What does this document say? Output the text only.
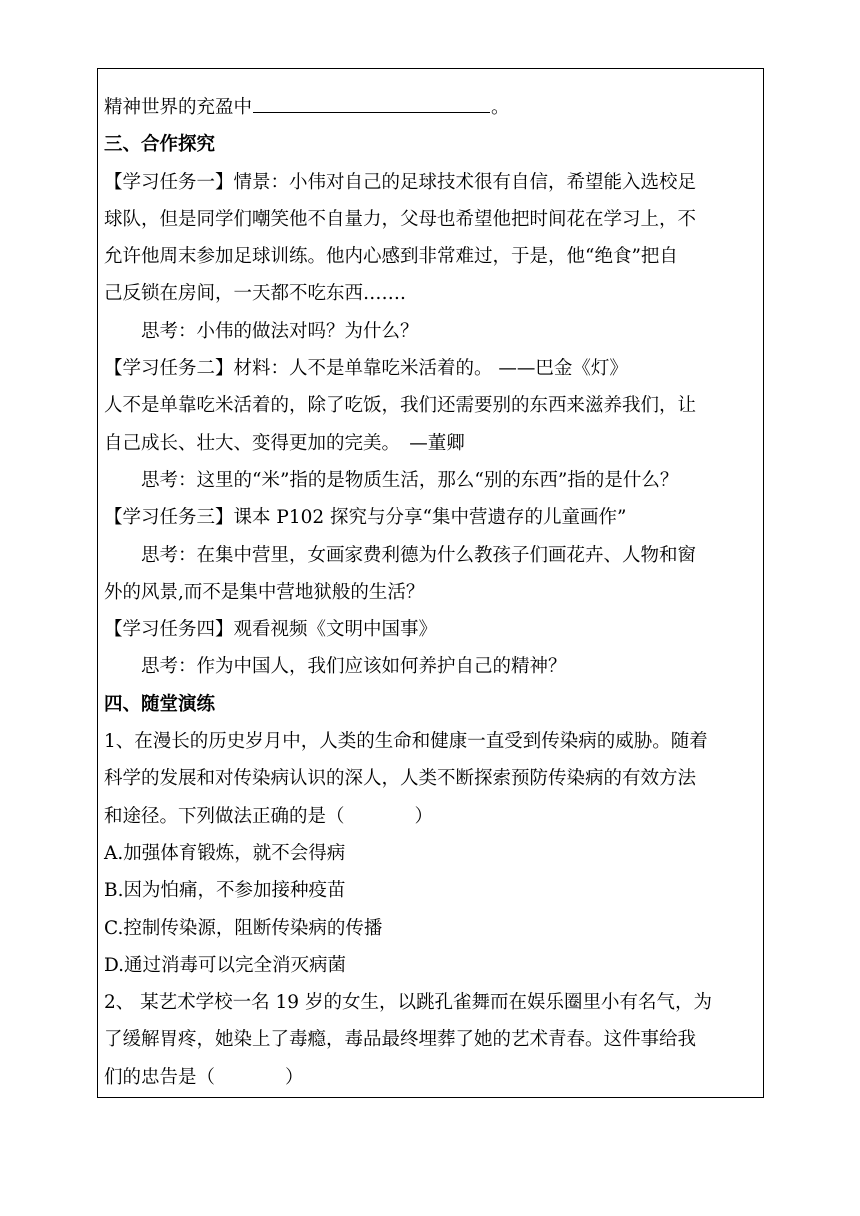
精神世界的充盈中	。
三、合作探究
【学习任务一】情景：小伟对自己的足球技术很有自信，希望能入选校足
球队，但是同学们嘲笑他不自量力，父母也希望他把时间花在学习上，不
允许他周末参加足球训练。他内心感到非常难过，于是，他“绝食”把自
己反锁在房间，一天都不吃东西…….
思考：小伟的做法对吗？为什么？
【学习任务二】材料：人不是单靠吃米活着的。 ——巴金《灯》
人不是单靠吃米活着的，除了吃饭，我们还需要别的东西来滋养我们，让
自己成长、壮大、变得更加的完美。　—董卿
思考：这里的“米”指的是物质生活，那么“别的东西”指的是什么？
【学习任务三】课本 P102 探究与分享“集中营遗存的儿童画作”
思考：在集中营里，女画家费利德为什么教孩子们画花卉、人物和窗
外的风景,而不是集中营地狱般的生活？
【学习任务四】观看视频《文明中国事》
思考：作为中国人，我们应该如何养护自己的精神？
四、随堂演练
1、在漫长的历史岁月中，人类的生命和健康一直受到传染病的威胁。随着
科学的发展和对传染病认识的深人，人类不断探索预防传染病的有效方法
和途径。下列做法正确的是（	）
A.加强体育锻炼，就不会得病
B.因为怕痛，不参加接种疫苗
C.控制传染源，阻断传染病的传播
D.通过消毒可以完全消灭病菌
2、 某艺术学校一名 19 岁的女生，以跳孔雀舞而在娱乐圈里小有名气，为
了缓解胃疼，她染上了毒瘾，毒品最终埋葬了她的艺术青春。这件事给我
们的忠告是（	）
